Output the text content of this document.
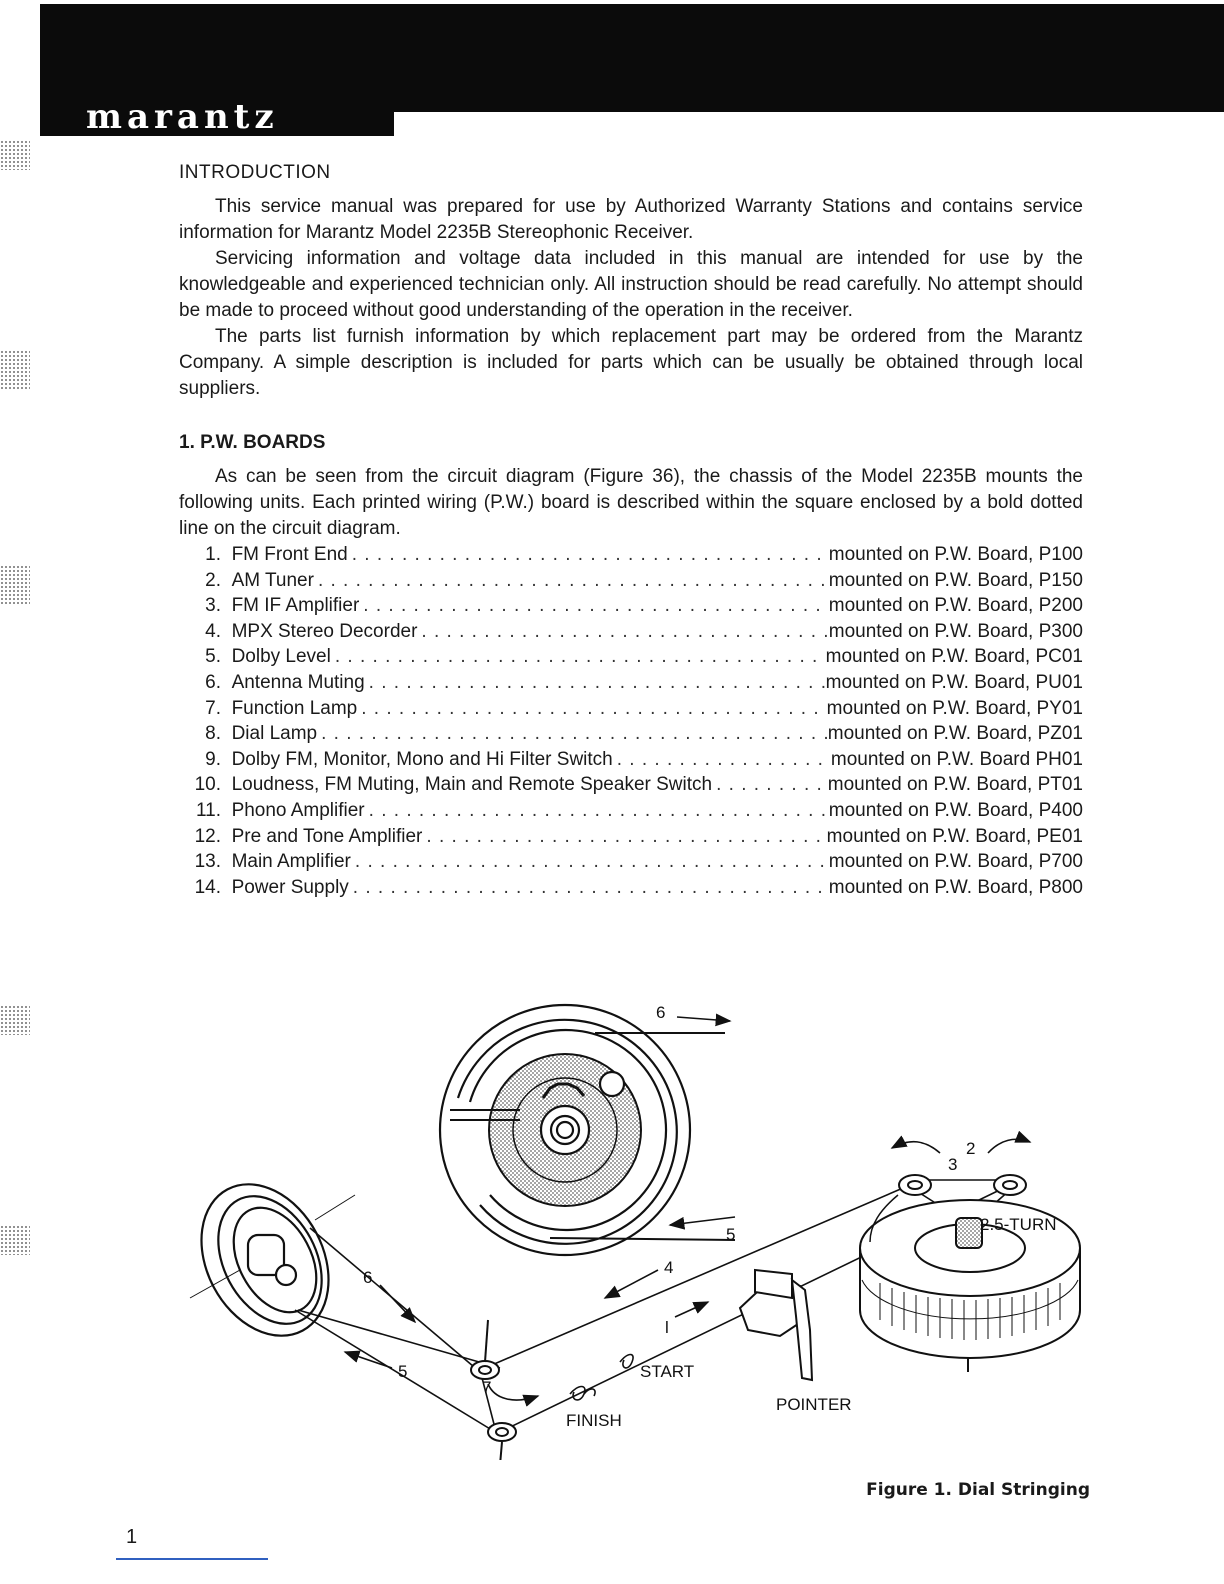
marantz
INTRODUCTION

This service manual was prepared for use by Authorized Warranty Stations and contains service information for Marantz Model 2235B Stereophonic Receiver.

Servicing information and voltage data included in this manual are intended for use by the knowledgeable and experienced technician only. All instruction should be read carefully. No attempt should be made to proceed without good understanding of the operation in the receiver.

The parts list furnish information by which replacement part may be ordered from the Marantz Company. A simple description is included for parts which can be usually be obtained through local suppliers.

1. P.W. BOARDS

As can be seen from the circuit diagram (Figure 36), the chassis of the Model 2235B mounts the following units. Each printed wiring (P.W.) board is described within the square enclosed by a bold dotted line on the circuit diagram.

1.
FM Front End . . .	mounted on P.W. Board, P100
2.
AM Tuner . . .	mounted on P.W. Board, P150
3.
FM IF Amplifier . . .	mounted on P.W. Board, P200
4.
MPX Stereo Decorder . . .	mounted on P.W. Board, P300
5.
Dolby Level . . .	mounted on P.W. Board, PC01
6.
Antenna Muting . . .	mounted on P.W. Board, PU01
7.
Function Lamp . . .	mounted on P.W. Board, PY01
8.
Dial Lamp . . .	mounted on P.W. Board, PZ01
9.
Dolby FM, Monitor, Mono and Hi Filter Switch . . .	mounted on P.W. Board PH01
10.
Loudness, FM Muting, Main and Remote Speaker Switch . . .	mounted on P.W. Board, PT01
11.
Phono Amplifier . . .	mounted on P.W. Board, P400
12.
Pre and Tone Amplifier . . .	mounted on P.W. Board, PE01
13.
Main Amplifier . . .	mounted on P.W. Board, P700
14.
Power Supply . . .	mounted on P.W. Board, P800
6
5
4
l
6
5
7
3
2
2.5-TURN
START
FINISH
POINTER
Figure 1. Dial Stringing
1
